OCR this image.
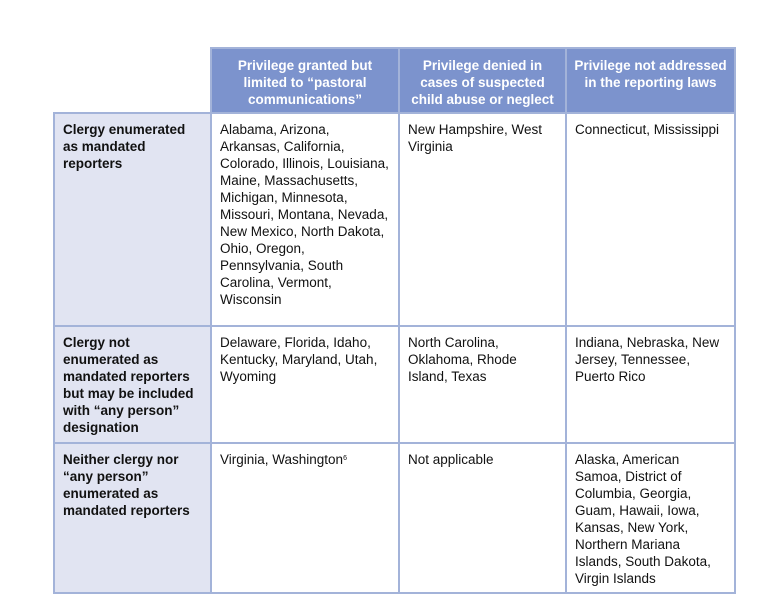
	Privilege granted but limited to “pastoral communications”	Privilege denied in cases of suspected child abuse or neglect	Privilege not addressed in the reporting laws
Clergy enumerated as mandated reporters	Alabama, Arizona, Arkansas, California, Colorado, Illinois, Louisiana, Maine, Massachusetts, Michigan, Minnesota, Missouri, Montana, Nevada, New Mexico, North Dakota, Ohio, Oregon, Pennsylvania, South Carolina, Vermont, Wisconsin	New Hampshire, West Virginia	Connecticut, Mississippi
Clergy not enumerated as mandated reporters but may be included with “any person” designation	Delaware, Florida, Idaho, Kentucky, Maryland, Utah, Wyoming	North Carolina, Oklahoma, Rhode Island, Texas	Indiana, Nebraska, New Jersey, Tennessee, Puerto Rico
Neither clergy nor “any person” enumerated as mandated reporters	Virginia, Washington$^6$	Not applicable	Alaska, American Samoa, District of Columbia, Georgia, Guam, Hawaii, Iowa, Kansas, New York, Northern Mariana Islands, South Dakota, Virgin Islands
